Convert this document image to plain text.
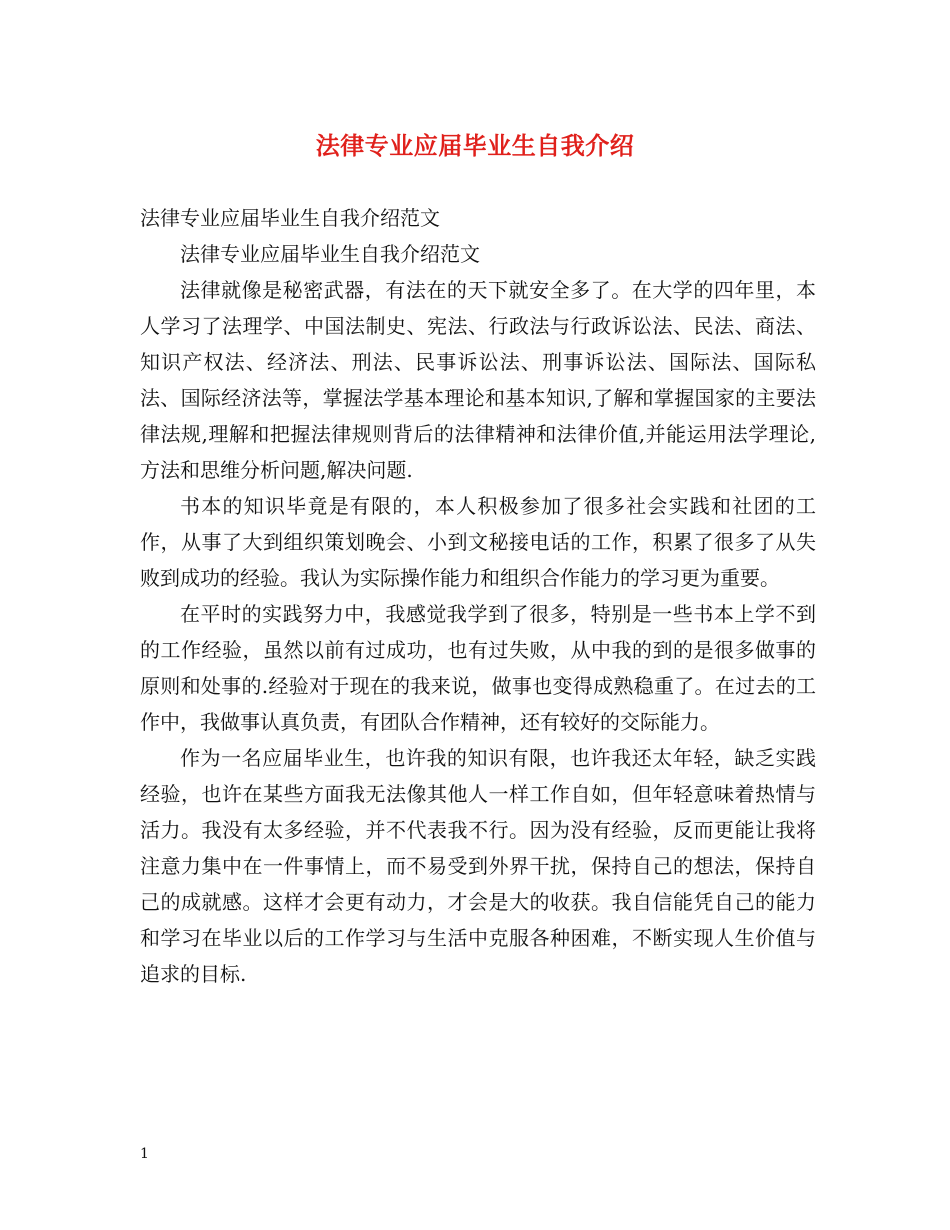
法律专业应届毕业生自我介绍

法律专业应届毕业生自我介绍范文

法律专业应届毕业生自我介绍范文

法律就像是秘密武器，有法在的天下就安全多了。在大学的四年里，本人学习了法理学、中国法制史、宪法、行政法与行政诉讼法、民法、商法、知识产权法、经济法、刑法、民事诉讼法、刑事诉讼法、国际法、国际私法、国际经济法等，掌握法学基本理论和基本知识,了解和掌握国家的主要法律法规,理解和把握法律规则背后的法律精神和法律价值,并能运用法学理论,方法和思维分析问题,解决问题.

书本的知识毕竟是有限的，本人积极参加了很多社会实践和社团的工作，从事了大到组织策划晚会、小到文秘接电话的工作，积累了很多了从失败到成功的经验。我认为实际操作能力和组织合作能力的学习更为重要。

在平时的实践努力中，我感觉我学到了很多，特别是一些书本上学不到的工作经验，虽然以前有过成功，也有过失败，从中我的到的是很多做事的原则和处事的.经验对于现在的我来说，做事也变得成熟稳重了。在过去的工作中，我做事认真负责，有团队合作精神，还有较好的交际能力。

作为一名应届毕业生，也许我的知识有限，也许我还太年轻，缺乏实践经验，也许在某些方面我无法像其他人一样工作自如，但年轻意味着热情与活力。我没有太多经验，并不代表我不行。因为没有经验，反而更能让我将注意力集中在一件事情上，而不易受到外界干扰，保持自己的想法，保持自己的成就感。这样才会更有动力，才会是大的收获。我自信能凭自己的能力和学习在毕业以后的工作学习与生活中克服各种困难，不断实现人生价值与追求的目标.

1
